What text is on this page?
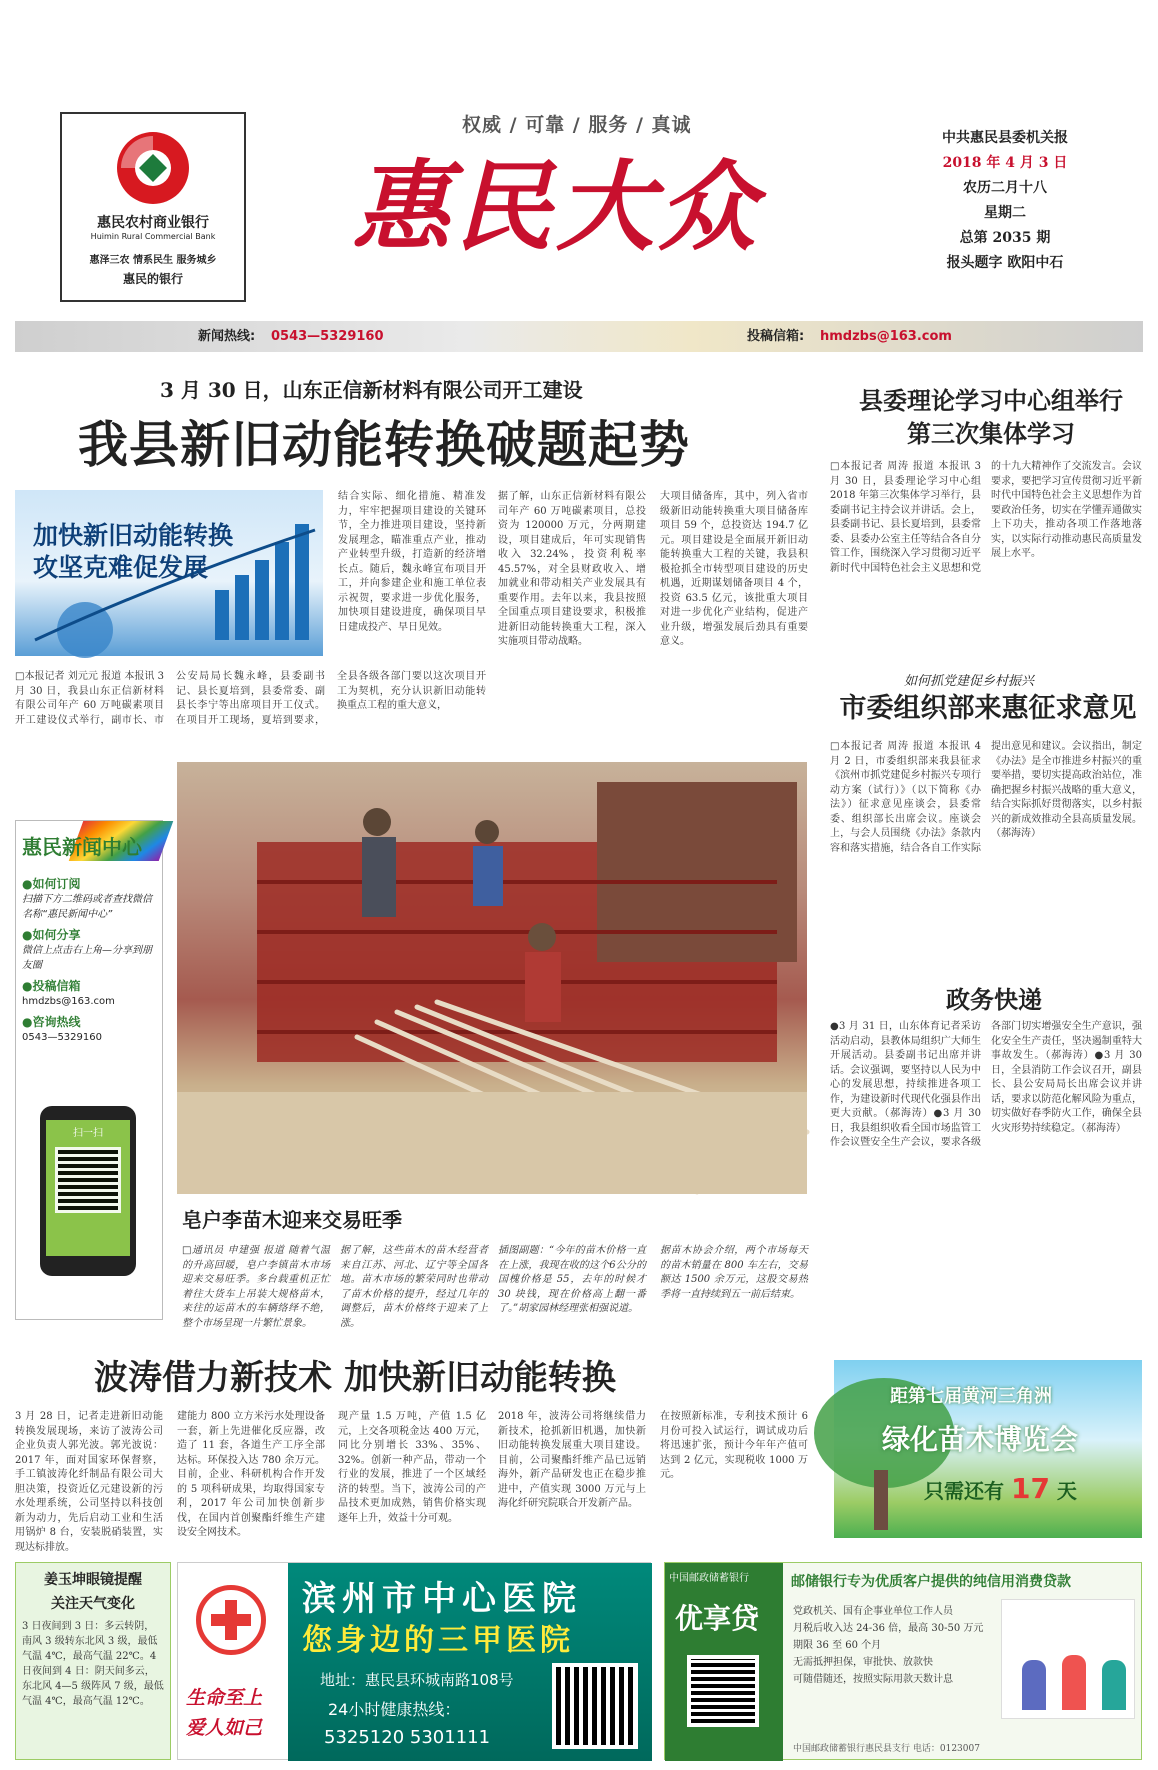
惠民农村商业银行
Huimin Rural Commercial Bank
惠泽三农 情系民生 服务城乡
惠民的银行
权威 / 可靠 / 服务 / 真诚
惠民大众
中共惠民县委机关报
2018 年 4 月 3 日
农历二月十八
星期二
总第 2035 期
报头题字 欧阳中石
新闻热线: 0543—5329160	投稿信箱: hmdzbs@163.com
3 月 30 日，山东正信新材料有限公司开工建设
我县新旧动能转换破题起势
加快新旧动能转换
攻坚克难促发展
□本报记者 刘元元 报道 本报讯 3 月 30 日，我县山东正信新材料有限公司年产 60 万吨碳素项目开工建设仪式举行，副市长、市公安局局长魏永峰，县委副书记、县长夏培到，县委常委、副县长李宁等出席项目开工仪式。在项目开工现场，夏培到要求，全县各级各部门要以这次项目开工为契机，充分认识新旧动能转换重点工程的重大意义，
结合实际、细化措施、精准发力，牢牢把握项目建设的关键环节，全力推进项目建设，坚持新发展理念，瞄准重点产业，推动产业转型升级，打造新的经济增长点。随后，魏永峰宣布项目开工，并向参建企业和施工单位表示祝贺，要求进一步优化服务，加快项目建设进度，确保项目早日建成投产、早日见效。
据了解，山东正信新材料有限公司年产 60 万吨碳素项目，总投资为 120000 万元，分两期建设，项目建成后，年可实现销售收入 32.24%，投资利税率 45.57%，对全县财政收入、增加就业和带动相关产业发展具有重要作用。去年以来，我县按照全国重点项目建设要求，积极推进新旧动能转换重大工程，深入实施项目带动战略。
大项目储备库，其中，列入省市级新旧动能转换重大项目储备库项目 59 个，总投资达 194.7 亿元。项目建设是全面展开新旧动能转换重大工程的关键，我县积极抢抓全市转型项目建设的历史机遇，近期谋划储备项目 4 个，投资 63.5 亿元，该批重大项目对进一步优化产业结构，促进产业升级，增强发展后劲具有重要意义。
县委理论学习中心组举行第三次集体学习
□本报记者 周涛 报道 本报讯 3 月 30 日，县委理论学习中心组 2018 年第三次集体学习举行，县委副书记主持会议并讲话。会上，县委副书记、县长夏培到，县委常委、县委办公室主任等结合各自分管工作，围绕深入学习贯彻习近平新时代中国特色社会主义思想和党的十九大精神作了交流发言。会议要求，要把学习宣传贯彻习近平新时代中国特色社会主义思想作为首要政治任务，切实在学懂弄通做实上下功夫，推动各项工作落地落实，以实际行动推动惠民高质量发展上水平。
如何抓党建促乡村振兴
市委组织部来惠征求意见
□本报记者 周涛 报道 本报讯 4 月 2 日，市委组织部来我县征求《滨州市抓党建促乡村振兴专项行动方案（试行）》（以下简称《办法》）征求意见座谈会，县委常委、组织部长出席会议。座谈会上，与会人员围绕《办法》条款内容和落实措施，结合各自工作实际提出意见和建议。会议指出，制定《办法》是全市推进乡村振兴的重要举措，要切实提高政治站位，准确把握乡村振兴战略的重大意义，结合实际抓好贯彻落实，以乡村振兴的新成效推动全县高质量发展。（郝海涛）
政务快递
●3 月 31 日，山东体育记者采访活动启动，县教体局组织广大师生开展活动。县委副书记出席并讲话。会议强调，要坚持以人民为中心的发展思想，持续推进各项工作，为建设新时代现代化强县作出更大贡献。（郝海涛）●3 月 30 日，我县组织收看全国市场监管工作会议暨安全生产会议，要求各级各部门切实增强安全生产意识，强化安全生产责任，坚决遏制重特大事故发生。（郝海涛）●3 月 30 日，全县消防工作会议召开，副县长、县公安局局长出席会议并讲话，要求以防范化解风险为重点，切实做好春季防火工作，确保全县火灾形势持续稳定。（郝海涛）
惠民新闻中心
●如何订阅
扫描下方二维码或者查找微信名称“惠民新闻中心”
●如何分享
微信上点击右上角—分享到朋友圈
●投稿信箱
hmdzbs@163.com
●咨询热线
0543—5329160
扫一扫
皂户李苗木迎来交易旺季
□通讯员 申建强 报道 随着气温的升高回暖，皂户李镇苗木市场迎来交易旺季。多台载重机正忙着往大货车上吊装大规格苗木，来往的运苗木的车辆络绎不绝，整个市场呈现一片繁忙景象。
据了解，这些苗木的苗木经营者来自江苏、河北、辽宁等全国各地。苗木市场的繁荣同时也带动了苗木价格的提升，经过几年的调整后，苗木价格终于迎来了上涨。
插图副题：“今年的苗木价格一直在上涨，我现在收的这个6公分的国槐价格是 55，去年的时候才 30 块钱，现在价格高上翻一番了。”胡家园林经理张相强说道。
据苗木协会介绍，两个市场每天的苗木销量在 800 车左右，交易额达 1500 余万元，这股交易热季将一直持续到五一前后结束。
波涛借力新技术 加快新旧动能转换
3 月 28 日，记者走进新旧动能转换发展现场，来访了波涛公司企业负责人郭光波。郭光波说：2017 年，面对国家环保督察，手工镇波涛化纤制品有限公司大胆决策，投资近亿元建设新的污水处理系统，公司坚持以科技创新为动力，先后启动工业和生活用锅炉 8 台，安装脱硝装置，实现达标排放。
建能力 800 立方米污水处理设备一套，新上先进催化反应器，改造了 11 套，各道生产工序全部达标。环保投入达 780 余万元。目前，企业、科研机构合作开发的 5 项科研成果，均取得国家专利，2017 年公司加快创新步伐，在国内首创聚酯纤维生产建设安全网技术。
现产量 1.5 万吨，产值 1.5 亿元，上交各项税金达 400 万元，同比分别增长 33%、35%、32%。创新一种产品，带动一个行业的发展，推进了一个区域经济的转型。当下，波涛公司的产品技术更加成熟，销售价格实现逐年上升，效益十分可观。
2018 年，波涛公司将继续借力新技术，抢抓新旧机遇，加快新旧动能转换发展重大项目建设。目前，公司聚酯纤维产品已远销海外，新产品研发也正在稳步推进中，产值实现 3000 万元与上海化纤研究院联合开发新产品。
在按照新标准，专利技术预计 6 月份可投入试运行，调试成功后将迅速扩张，预计今年年产值可达到 2 亿元，实现税收 1000 万元。
距第七届黄河三角洲
绿化苗木博览会
只需还有 17 天
姜玉坤眼镜提醒
关注天气变化
3 日夜间到 3 日：多云转阴，南风 3 级转东北风 3 级，最低气温 4℃，最高气温 22℃。4 日夜间到 4 日：阴天间多云，东北风 4—5 级阵风 7 级，最低气温 4℃，最高气温 12℃。	生命至上
爱人如己
滨州市中心医院
您身边的三甲医院
地址：惠民县环城南路108号
24小时健康热线：
5325120 5301111
中国邮政储蓄银行
优享贷
邮储银行专为优质客户提供的纯信用消费贷款
党政机关、国有企事业单位工作人员
月税后收入达 24-36 倍，最高 30-50 万元
期限 36 至 60 个月
无需抵押担保，审批快、放款快
可随借随还，按照实际用款天数计息
中国邮政储蓄银行惠民县支行 电话：0123007
